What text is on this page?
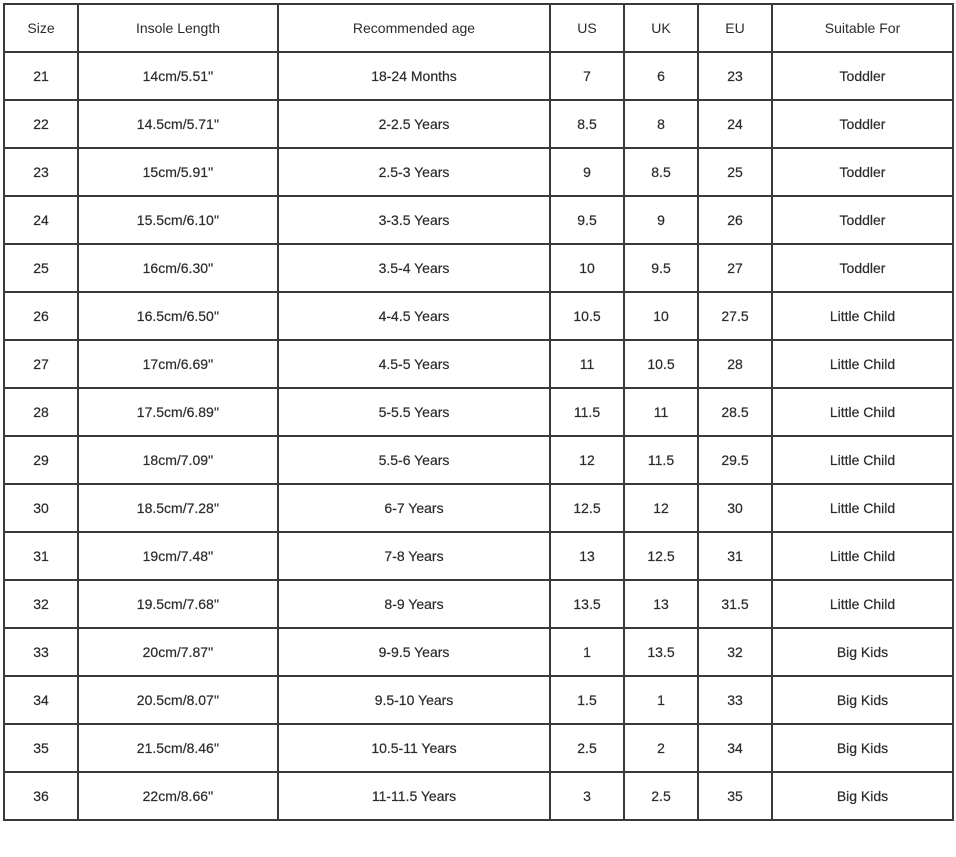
Size	Insole Length	Recommended age	US	UK	EU	Suitable For
21	14cm/5.51''	18-24 Months	7	6	23	Toddler
22	14.5cm/5.71''	2-2.5 Years	8.5	8	24	Toddler
23	15cm/5.91''	2.5-3 Years	9	8.5	25	Toddler
24	15.5cm/6.10''	3-3.5 Years	9.5	9	26	Toddler
25	16cm/6.30''	3.5-4 Years	10	9.5	27	Toddler
26	16.5cm/6.50''	4-4.5 Years	10.5	10	27.5	Little Child
27	17cm/6.69''	4.5-5 Years	11	10.5	28	Little Child
28	17.5cm/6.89''	5-5.5 Years	11.5	11	28.5	Little Child
29	18cm/7.09''	5.5-6 Years	12	11.5	29.5	Little Child
30	18.5cm/7.28''	6-7 Years	12.5	12	30	Little Child
31	19cm/7.48''	7-8 Years	13	12.5	31	Little Child
32	19.5cm/7.68''	8-9 Years	13.5	13	31.5	Little Child
33	20cm/7.87''	9-9.5 Years	1	13.5	32	Big Kids
34	20.5cm/8.07''	9.5-10 Years	1.5	1	33	Big Kids
35	21.5cm/8.46''	10.5-11 Years	2.5	2	34	Big Kids
36	22cm/8.66''	11-11.5 Years	3	2.5	35	Big Kids
